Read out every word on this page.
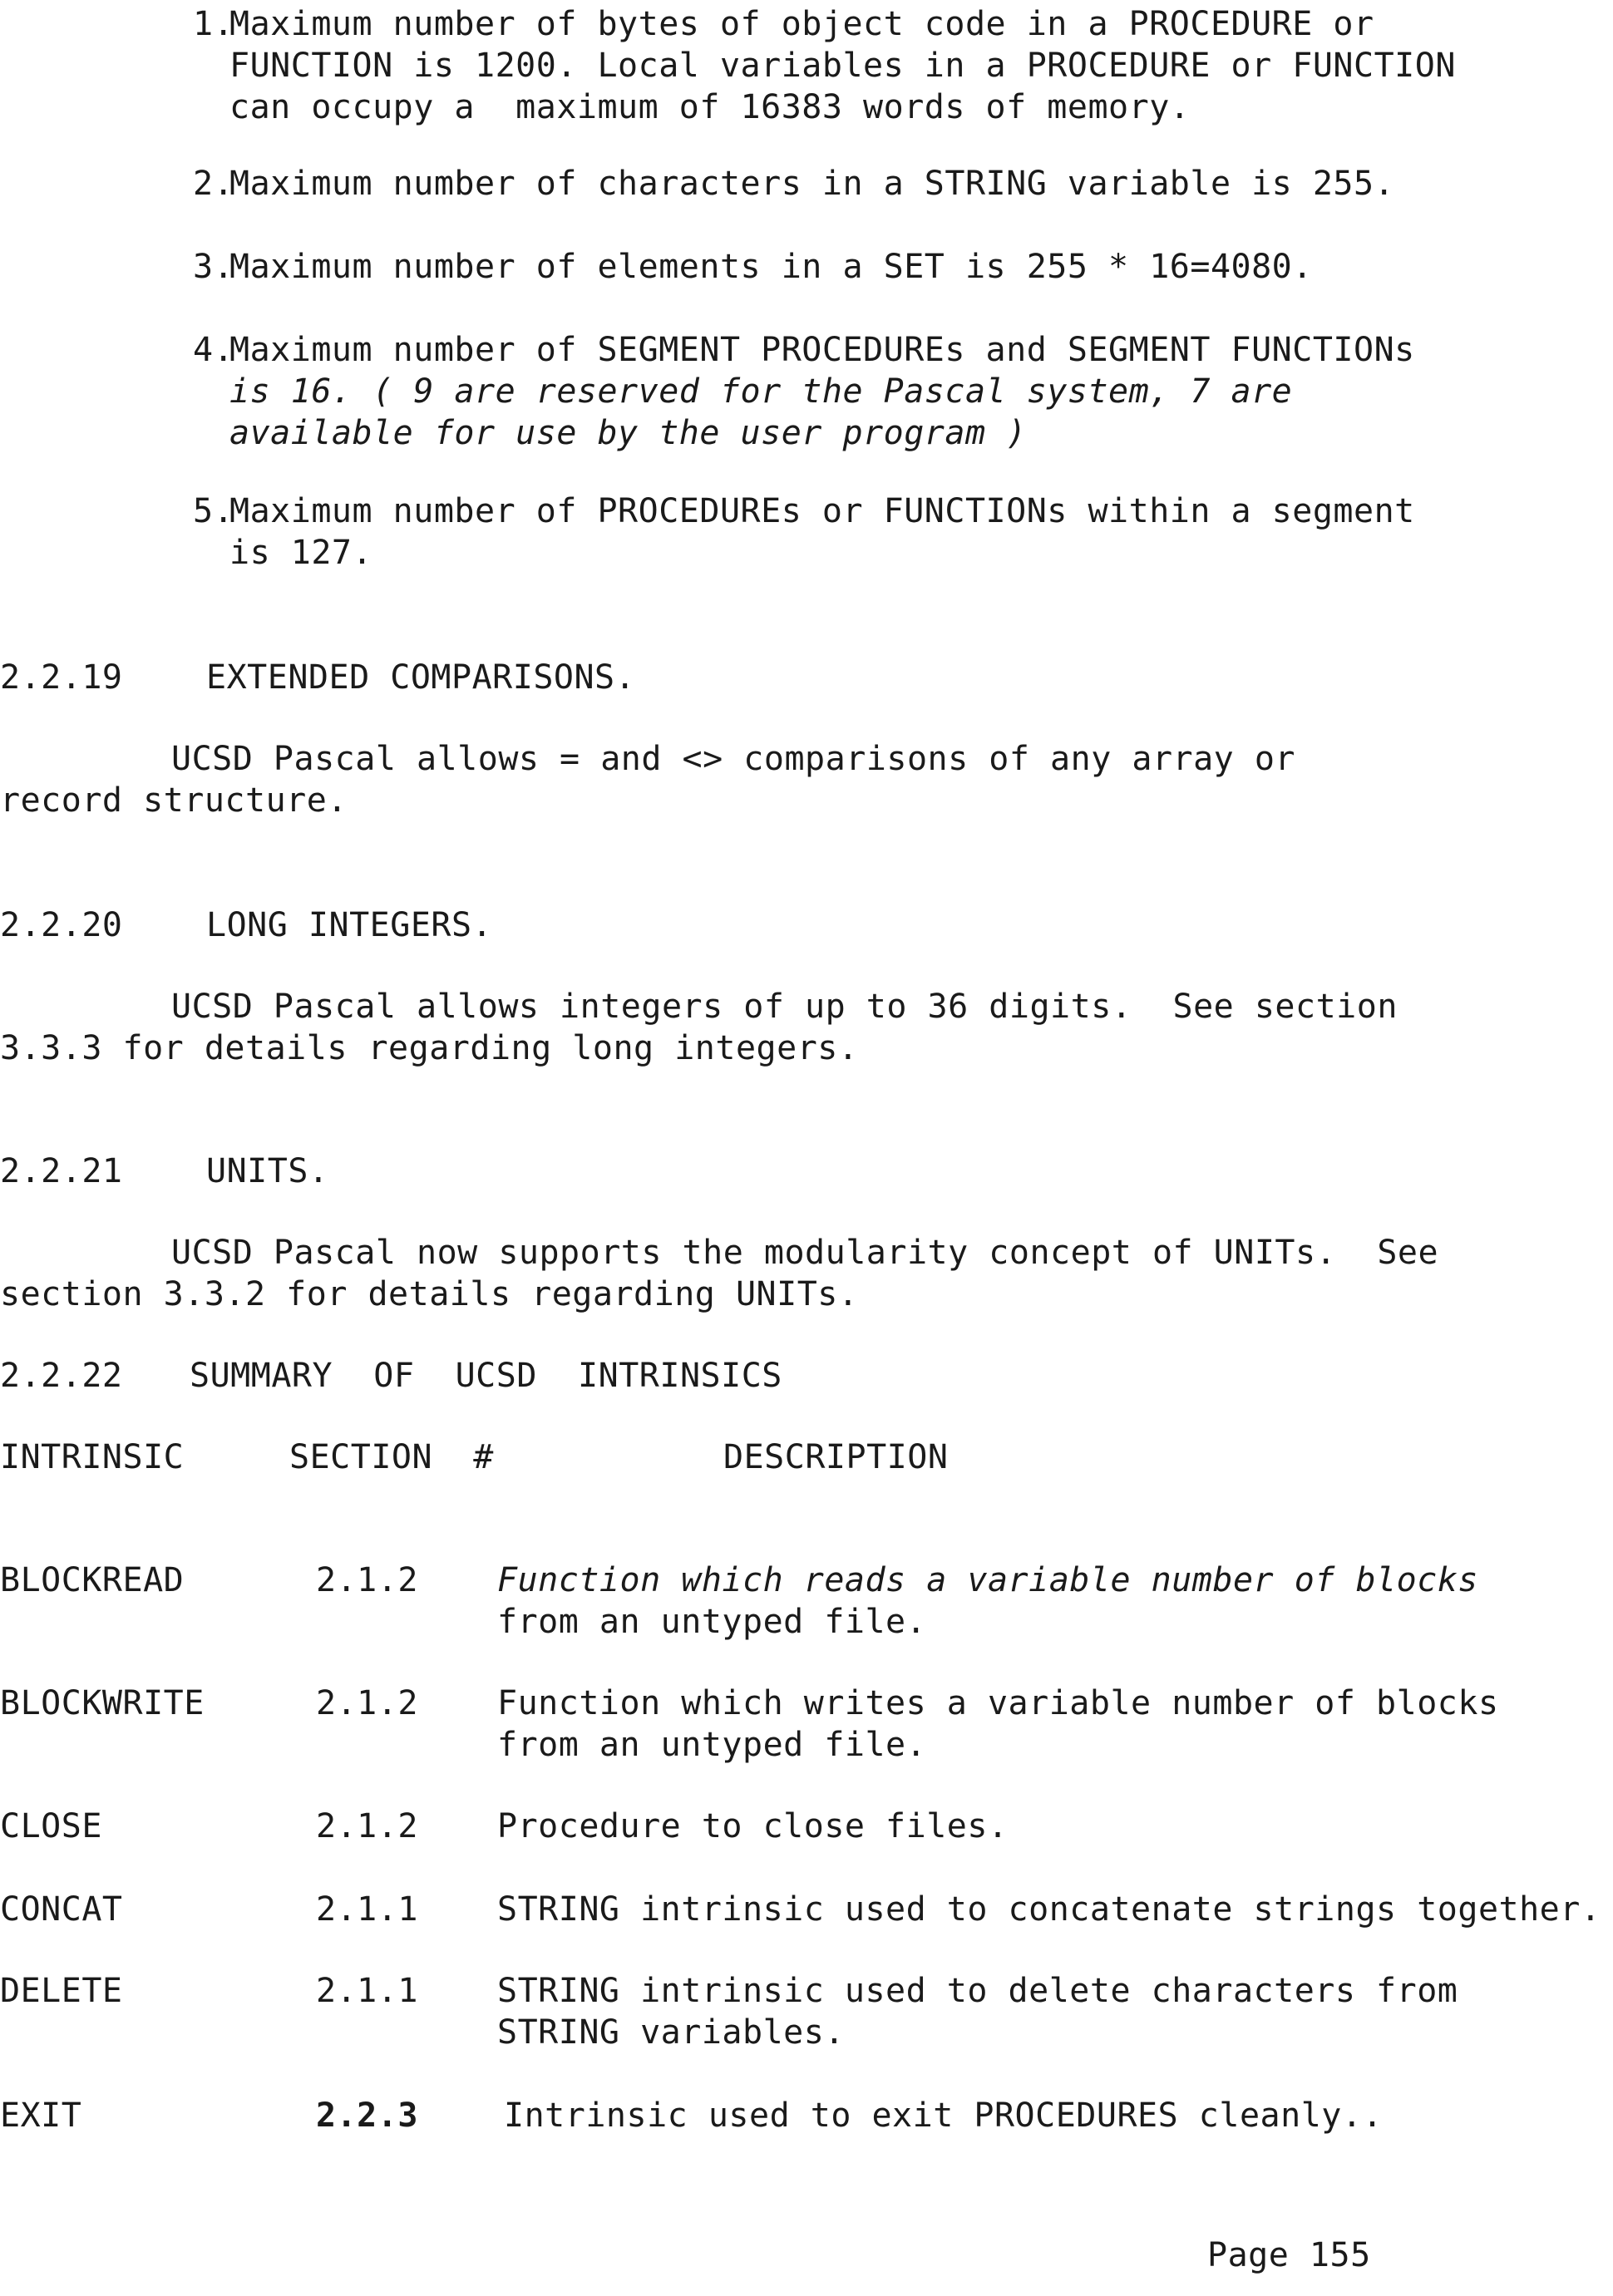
1.
Maximum number of bytes of object code in a PROCEDURE or
FUNCTION is 1200. Local variables in a PROCEDURE or FUNCTION
can occupy a  maximum of 16383 words of memory.
2.
Maximum number of characters in a STRING variable is 255.
3.
Maximum number of elements in a SET is 255 * 16=4080.
4.
Maximum number of SEGMENT PROCEDUREs and SEGMENT FUNCTIONs
is 16. ( 9 are reserved for the Pascal system, 7 are
available for use by the user program )
5.
Maximum number of PROCEDUREs or FUNCTIONs within a segment
is 127.
2.2.19	EXTENDED COMPARISONS.
UCSD Pascal allows = and <> comparisons of any array or
record structure.
2.2.20	LONG INTEGERS.
UCSD Pascal allows integers of up to 36 digits.  See section
3.3.3 for details regarding long integers.
2.2.21	UNITS.
UCSD Pascal now supports the modularity concept of UNITs.  See
section 3.3.2 for details regarding UNITs.
2.2.22 SUMMARY  OF  UCSD  INTRINSICS
INTRINSIC	SECTION  #	DESCRIPTION
BLOCKREAD	2.1.2 Function which reads a variable number of blocks
from an untyped file.
BLOCKWRITE	2.1.2 Function which writes a variable number of blocks
from an untyped file.
CLOSE	2.1.2 Procedure to close files.
CONCAT	2.1.1 STRING intrinsic used to concatenate strings together.
DELETE	2.1.1 STRING intrinsic used to delete characters from
STRING variables.
EXIT	2.2.3	Intrinsic used to exit PROCEDURES cleanly..
Page 155
